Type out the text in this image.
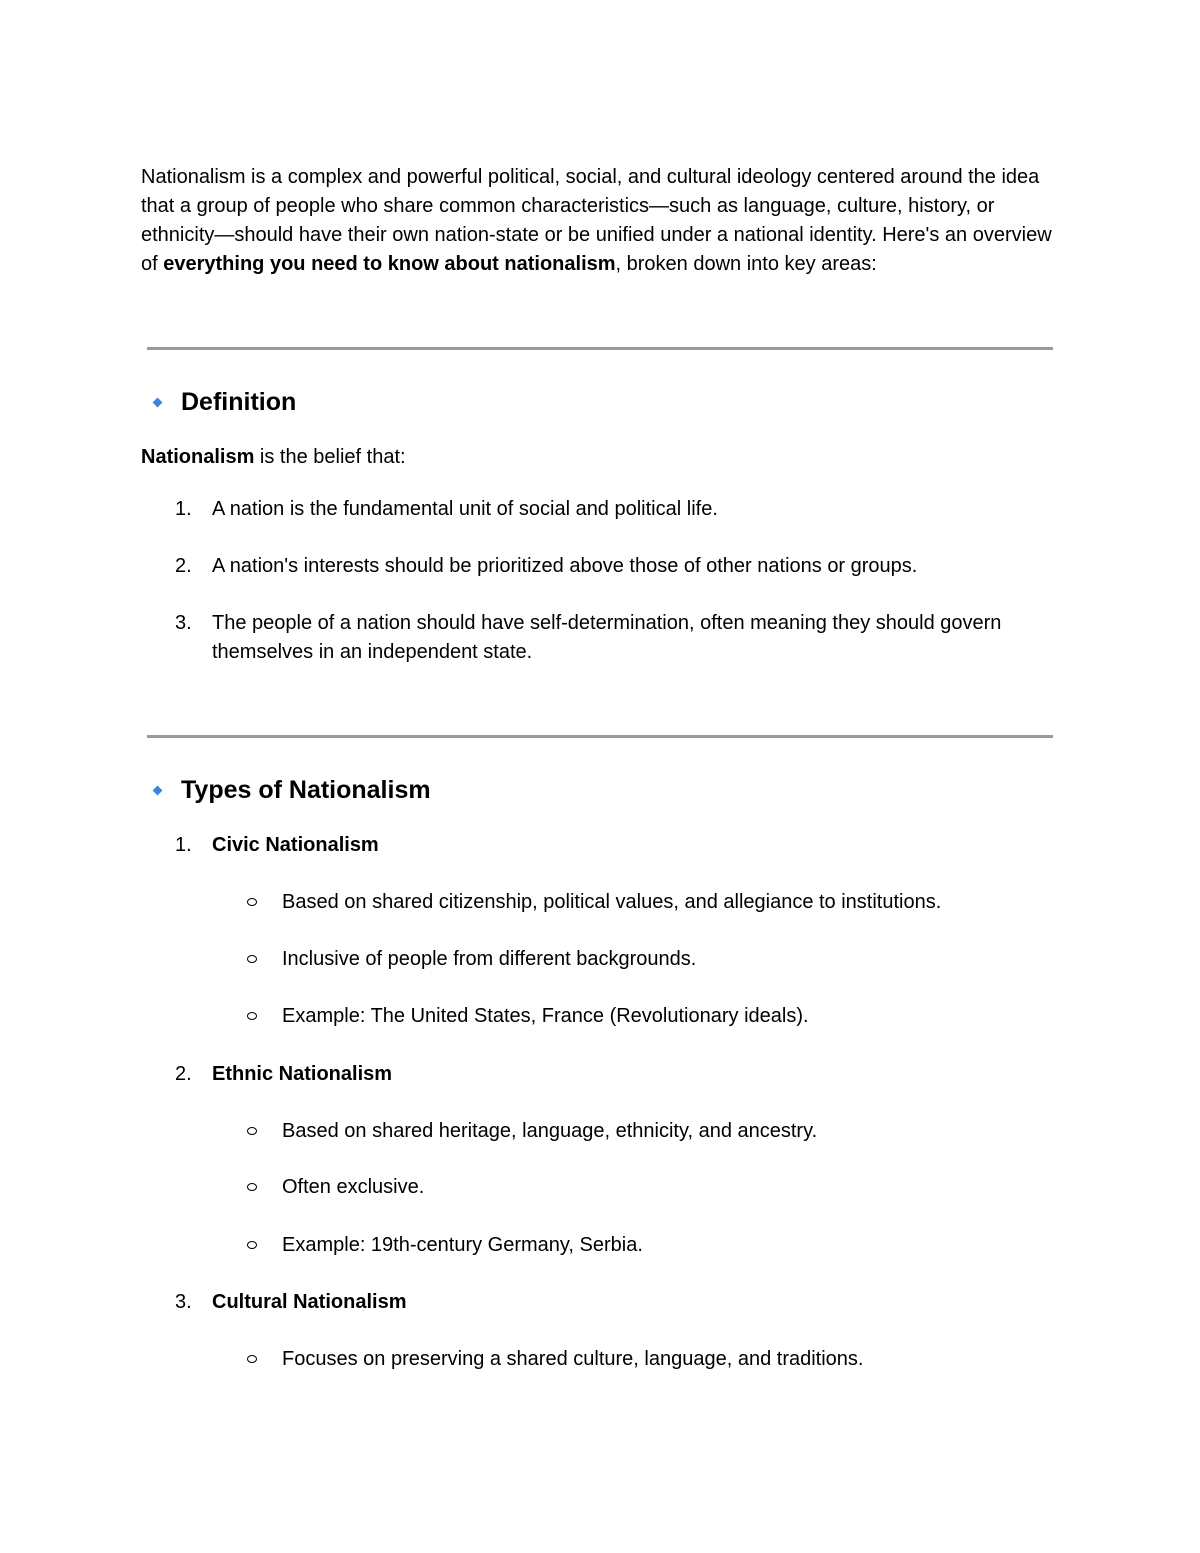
Nationalism is a complex and powerful political, social, and cultural ideology centered around the idea that a group of people who share common characteristics—such as language, culture, history, or ethnicity—should have their own nation-state or be unified under a national identity. Here's an overview of everything you need to know about nationalism, broken down into key areas:

Definition

Nationalism is the belief that:

1. A nation is the fundamental unit of social and political life.
2. A nation's interests should be prioritized above those of other nations or groups.
3. The people of a nation should have self-determination, often meaning they should govern themselves in an independent state.
Types of Nationalism
1. Civic Nationalism
Based on shared citizenship, political values, and allegiance to institutions.
Inclusive of people from different backgrounds.
Example: The United States, France (Revolutionary ideals).
2. Ethnic Nationalism
Based on shared heritage, language, ethnicity, and ancestry.
Often exclusive.
Example: 19th-century Germany, Serbia.
3. Cultural Nationalism
Focuses on preserving a shared culture, language, and traditions.
